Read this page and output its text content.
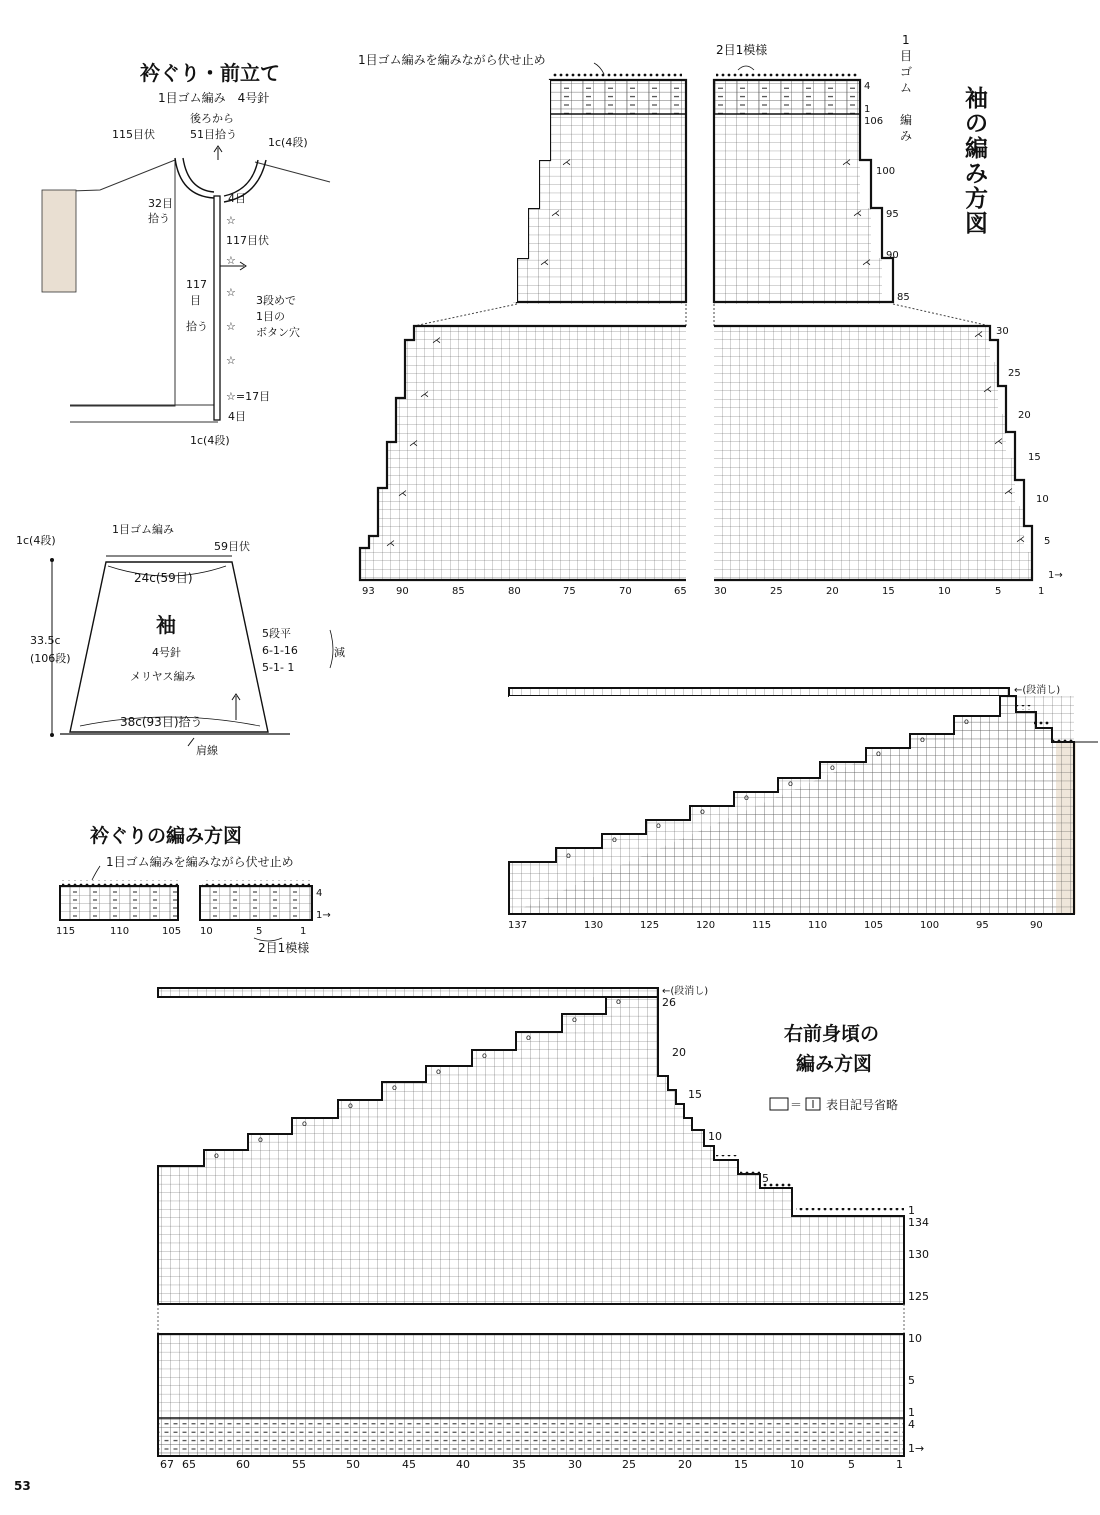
⋌
⋌
⋌
⋌
⋌
⋌
⋌
⋌
⋌
⋌
⋌
⋌
⋌
⋌
⋌
⋌
1目ゴム編みを編みながら伏せ止め
2目1模様
1
目
ゴ
ム
編
み
袖
の
編
み
方
図
4
1
106
100
95
90
85
30
25
20
15
10
5
1→
93 90	85	80	75	70	65	30	25	20	15	10	5	1
衿ぐり・前立て
1目ゴム編み　4号針
後ろから
51目拾う
115目伏
1c(4段)
32目
拾う
4目
☆
117目伏
117
目
拾う
☆
3段めで
1目の
ボタン穴
☆
☆
☆=17目
4目
1c(4段)
☆
1c(4段)
1目ゴム編み
59目伏
24c(59目)
33.5c
(106段)	4号針
メリヤス編み
5段平
6-1-16
5-1- 1
減
38c(93目)拾う
肩線
袖
←(段消し)
o
o
o
o
o
o
o
o
o
o
137	130	125	120	115	110	105	100	95	90
衿ぐりの編み方図
1目ゴム編みを編みながら伏せ止め
115	110	105 10	5	1
4
1→
2目1模様
o
o
o
o
o
o
o
o
o
o
←(段消し)
26
20
15
10
5
1
134
130
125
10
5
1
4
1→
67 65	60	55	50	45	40	35	30	25	20	15	10	5	1
右前身頃の
編み方図
＝ 表目記号省略
53
